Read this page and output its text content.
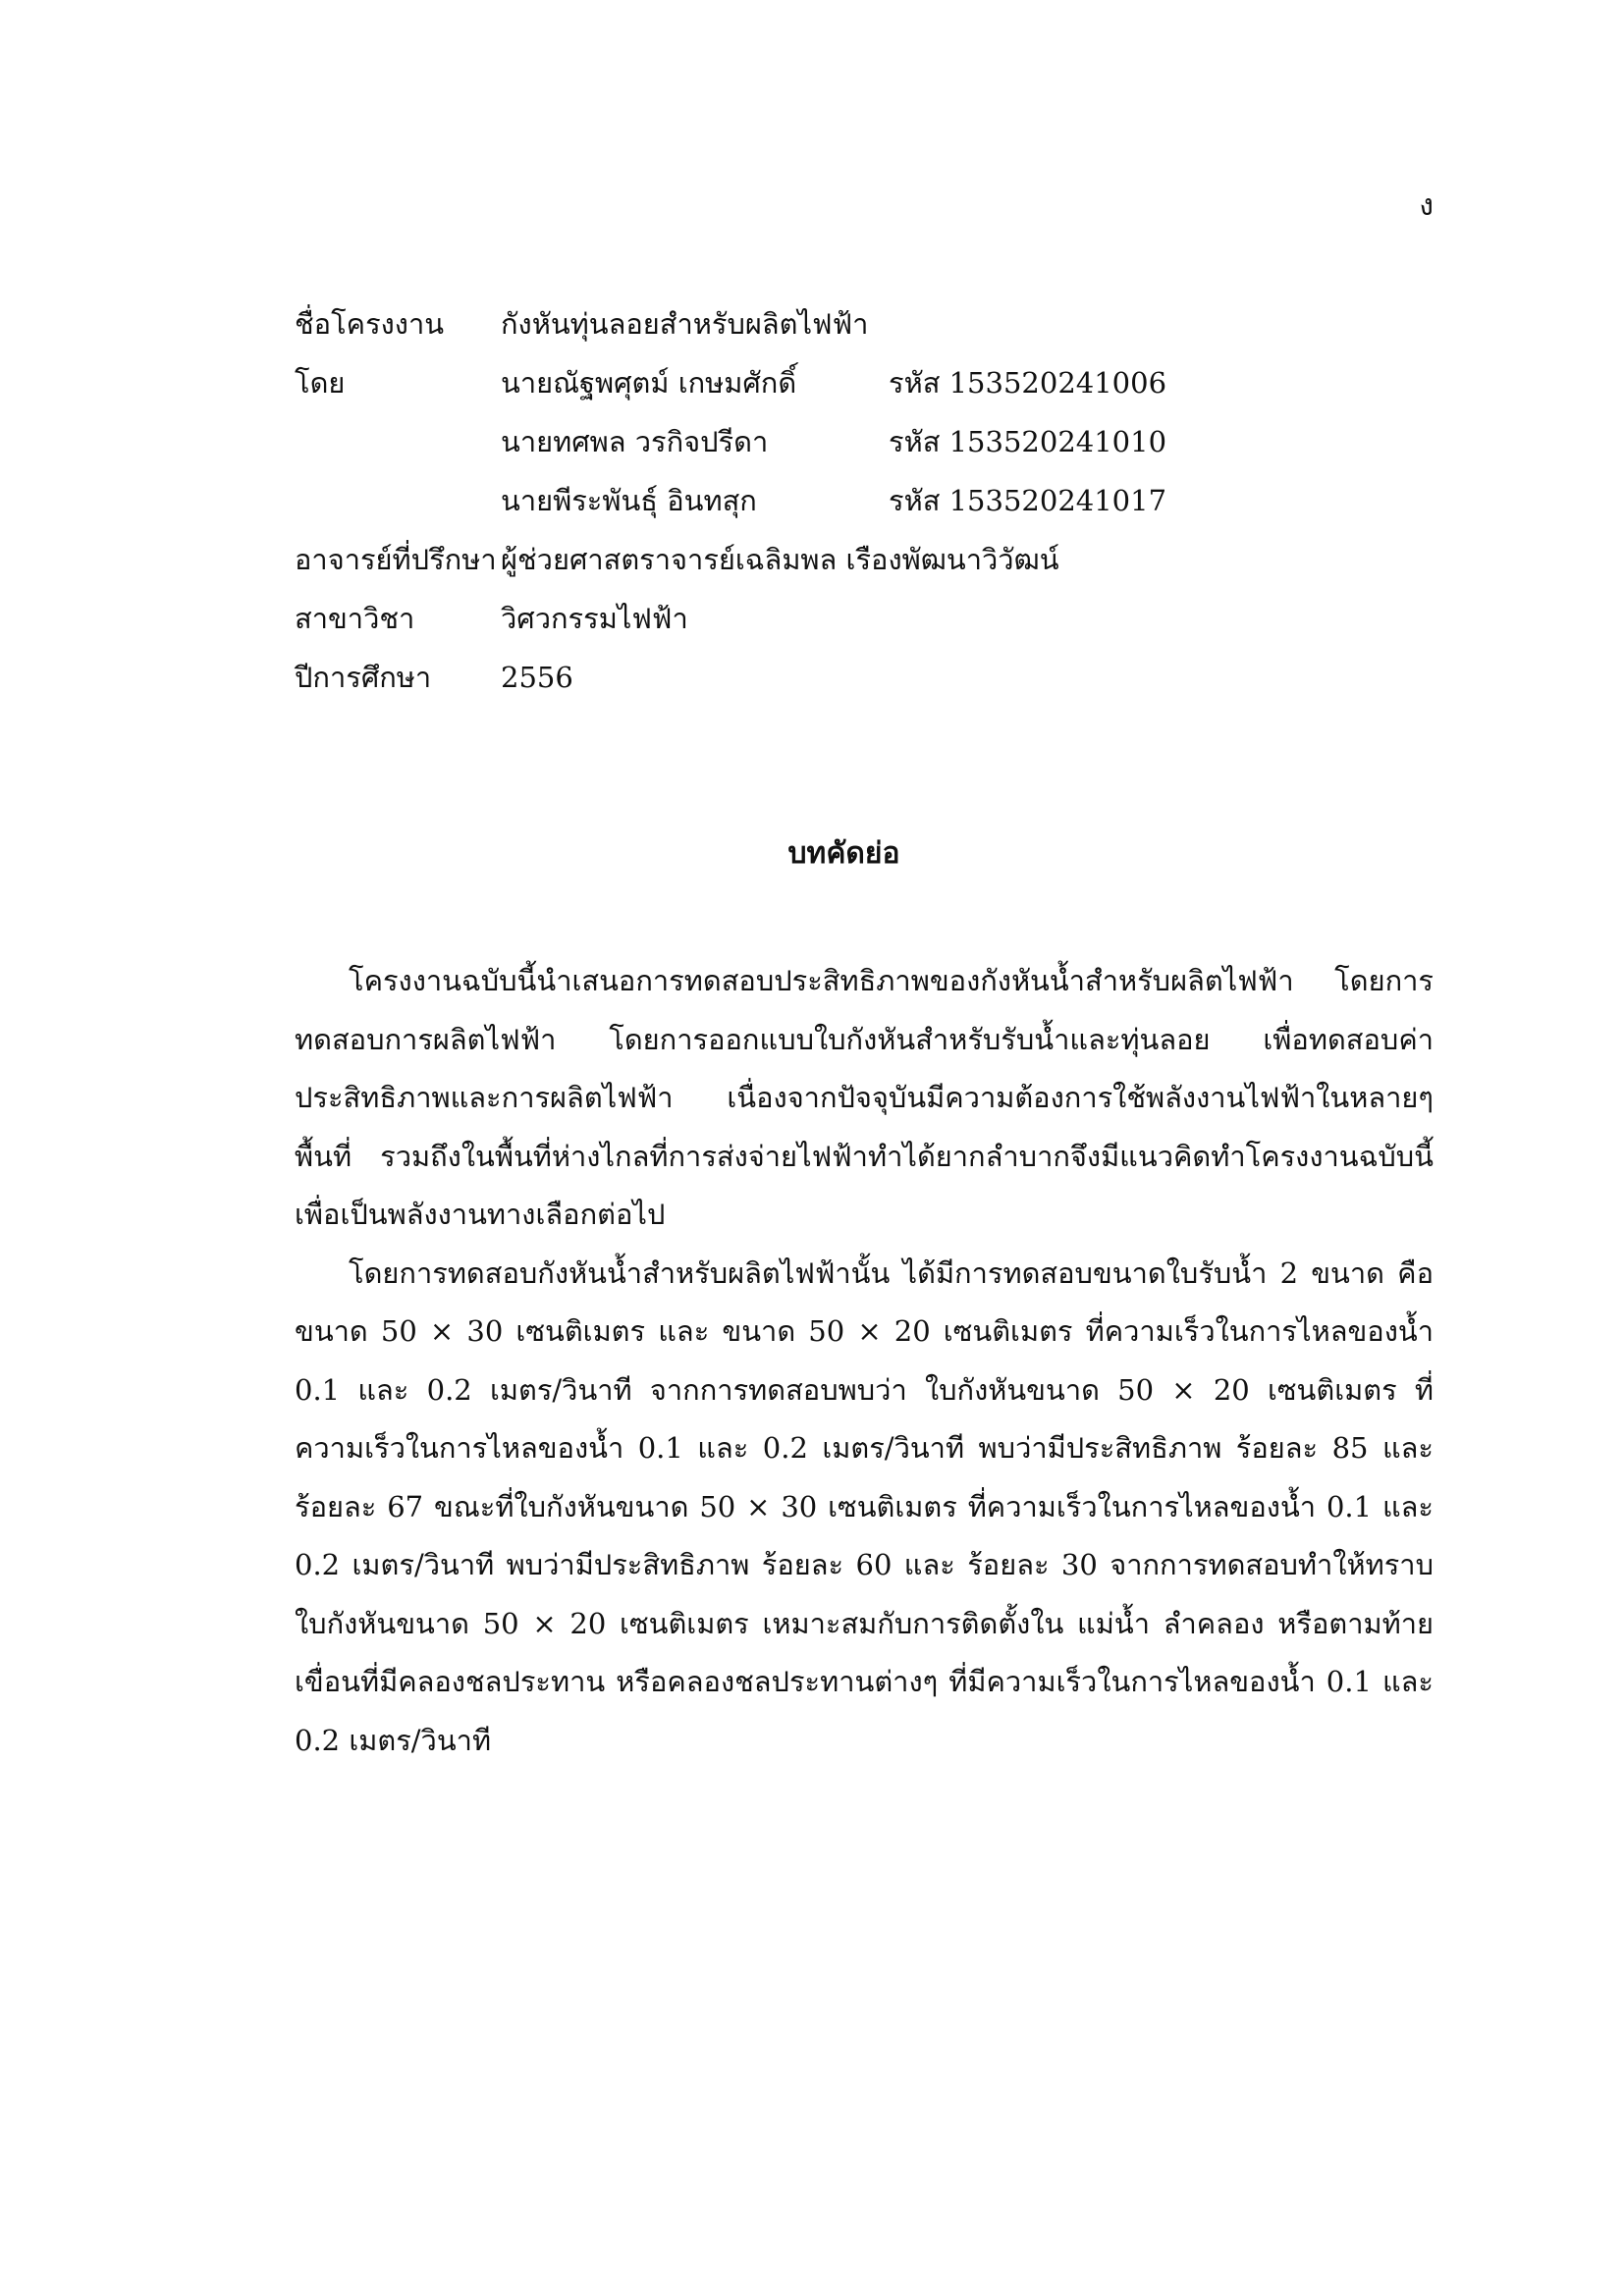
ง
ชื่อโครงงาน กังหันทุ่นลอยสำหรับผลิตไฟฟ้า
โดย	นายณัฐพศุตม์ เกษมศักดิ์	รหัส 153520241006
นายทศพล วรกิจปรีดา	รหัส 153520241010
นายพีระพันธุ์ อินทสุก	รหัส 153520241017
อาจารย์ที่ปรึกษา ผู้ช่วยศาสตราจารย์เฉลิมพล เรืองพัฒนาวิวัฒน์
สาขาวิชา	วิศวกรรมไฟฟ้า
ปีการศึกษา 2556
บทคัดย่อ

โครงงานฉบับนี้นำเสนอการทดสอบประสิทธิภาพของกังหันน้ำสำหรับผลิตไฟฟ้า โดยการทดสอบการผลิตไฟฟ้า โดยการออกแบบใบกังหันสำหรับรับน้ำและทุ่นลอย เพื่อทดสอบค่าประสิทธิภาพและการผลิตไฟฟ้า เนื่องจากปัจจุบันมีความต้องการใช้พลังงานไฟฟ้าในหลายๆพื้นที่ รวมถึงในพื้นที่ห่างไกลที่การส่งจ่ายไฟฟ้าทำได้ยากลำบากจึงมีแนวคิดทำโครงงานฉบับนี้เพื่อเป็นพลังงานทางเลือกต่อไป

โดยการทดสอบกังหันน้ำสำหรับผลิตไฟฟ้านั้น ได้มีการทดสอบขนาดใบรับน้ำ 2 ขนาด คือ ขนาด 50 × 30 เซนติเมตร และ ขนาด 50 × 20 เซนติเมตร ที่ความเร็วในการไหลของน้ำ 0.1 และ 0.2 เมตร/วินาที จากการทดสอบพบว่า ใบกังหันขนาด 50 × 20 เซนติเมตร ที่ความเร็วในการไหลของน้ำ 0.1 และ 0.2 เมตร/วินาที พบว่ามีประสิทธิภาพ ร้อยละ 85 และ ร้อยละ 67 ขณะที่ใบกังหันขนาด 50 × 30 เซนติเมตร ที่ความเร็วในการไหลของน้ำ 0.1 และ 0.2 เมตร/วินาที พบว่ามีประสิทธิภาพ ร้อยละ 60 และ ร้อยละ 30 จากการทดสอบทำให้ทราบใบกังหันขนาด 50 × 20 เซนติเมตร เหมาะสมกับการติดตั้งใน แม่น้ำ ลำคลอง หรือตามท้ายเขื่อนที่มีคลองชลประทาน หรือคลองชลประทานต่างๆ ที่มีความเร็วในการไหลของน้ำ 0.1 และ 0.2 เมตร/วินาที
